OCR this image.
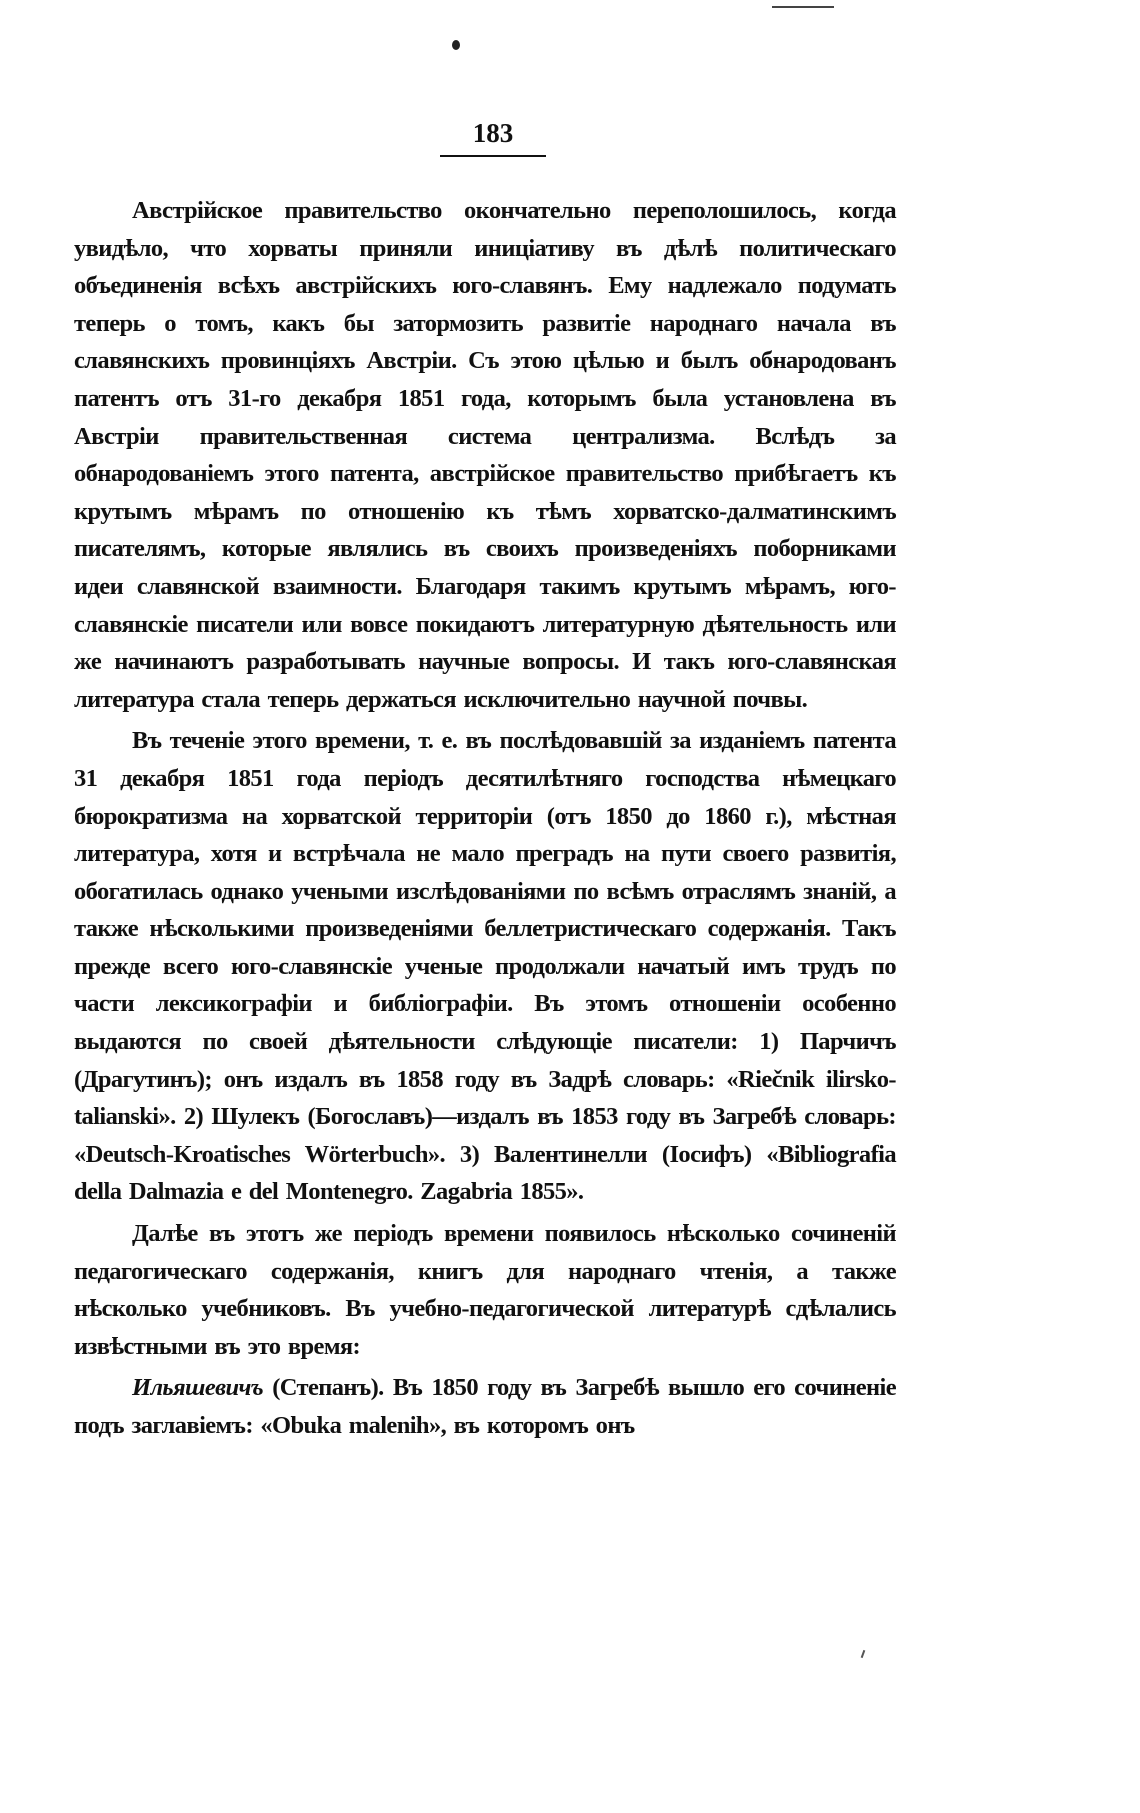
183

Австрійское правительство окончательно переполошилось, когда увидѣло, что хорваты приняли иниціативу въ дѣлѣ политическаго объединенія всѣхъ австрійскихъ юго-славянъ. Ему надлежало подумать теперь о томъ, какъ бы затормозить развитіе народнаго начала въ славянскихъ провинціяхъ Австріи. Съ этою цѣлью и былъ обнародованъ патентъ отъ 31-го декабря 1851 года, которымъ была установлена въ Австріи правительственная система централизма. Вслѣдъ за обнародованіемъ этого патента, австрійское правительство прибѣгаетъ къ крутымъ мѣрамъ по отношенію къ тѣмъ хорватско-далматинскимъ писателямъ, которые являлись въ своихъ произведеніяхъ поборниками идеи славянской взаимности. Благодаря такимъ крутымъ мѣрамъ, юго-славянскіе писатели или вовсе покидаютъ литературную дѣятельность или же начинаютъ разработывать научные вопросы. И такъ юго-славянская литература стала теперь держаться исключительно научной почвы.

Въ теченіе этого времени, т. е. въ послѣдовавшій за изданіемъ патента 31 декабря 1851 года періодъ десятилѣтняго господства нѣмецкаго бюрократизма на хорватской территоріи (отъ 1850 до 1860 г.), мѣстная литература, хотя и встрѣчала не мало преградъ на пути своего развитія, обогатилась однако учеными изслѣдованіями по всѣмъ отраслямъ знаній, а также нѣсколькими произведеніями беллетристическаго содержанія. Такъ прежде всего юго-славянскіе ученые продолжали начатый имъ трудъ по части лексикографіи и библіографіи. Въ этомъ отношеніи особенно выдаются по своей дѣятельности слѣдующіе писатели: 1) Парчичъ (Драгутинъ); онъ издалъ въ 1858 году въ Задрѣ словарь: «Riečnik ilirsko-talianski». 2) Шулекъ (Богославъ)—издалъ въ 1853 году въ Загребѣ словарь: «Deutsch-Kroatisches Wörterbuch». 3) Валентинелли (Іосифъ) «Bibliografia della Dalmazia e del Montenegro. Zagabria 1855».

Далѣе въ этотъ же періодъ времени появилось нѣсколько сочиненій педагогическаго содержанія, книгъ для народнаго чтенія, а также нѣсколько учебниковъ. Въ учебно-педагогической литературѣ сдѣлались извѣстными въ это время:

Ильяшевичъ (Степанъ). Въ 1850 году въ Загребѣ вышло его сочиненіе подъ заглавіемъ: «Obuka malenih», въ которомъ онъ
